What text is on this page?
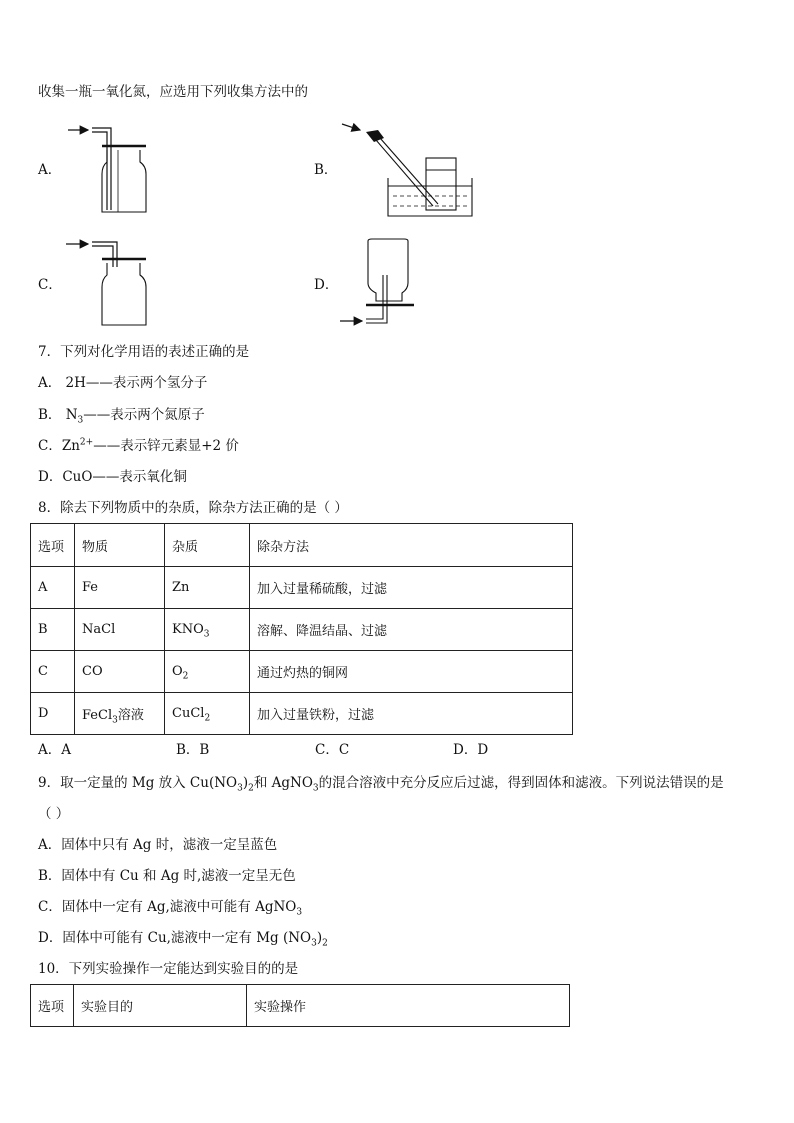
收集一瓶一氧化氮，应选用下列收集方法中的
A．	B．
C．	D．
7．下列对化学用语的表述正确的是
A． 2H——表示两个氢分子
B． $N_3——$表示两个氮原子
C．$Zn^{2+}——$表示锌元素显+2 价
D．CuO——表示氧化铜
8．除去下列物质中的杂质，除杂方法正确的是（ ）
选项	物质	杂质	除杂方法
A	Fe	Zn	加入过量稀硫酸，过滤
B	NaCl	$KNO_3$	溶解、降温结晶、过滤
C	CO	$O_2$	通过灼热的铜网
D	FeCl$_3$溶液	CuCl$_2$	加入过量铁粉，过滤
A．A	B．B	C．C	D．D
9．取一定量的 Mg 放入 $Cu(NO_3)_2$和 AgNO$_3$的混合溶液中充分反应后过滤，得到固体和滤液。下列说法错误的是
（ ）
A．固体中只有 Ag 时，滤液一定呈蓝色
B．固体中有 Cu 和 Ag 时,滤液一定呈无色
C．固体中一定有 Ag,滤液中可能有 AgNO$_3$
D．固体中可能有 Cu,滤液中一定有 Mg $(NO_3)_2$
10．下列实验操作一定能达到实验目的的是
选项	实验目的	实验操作
